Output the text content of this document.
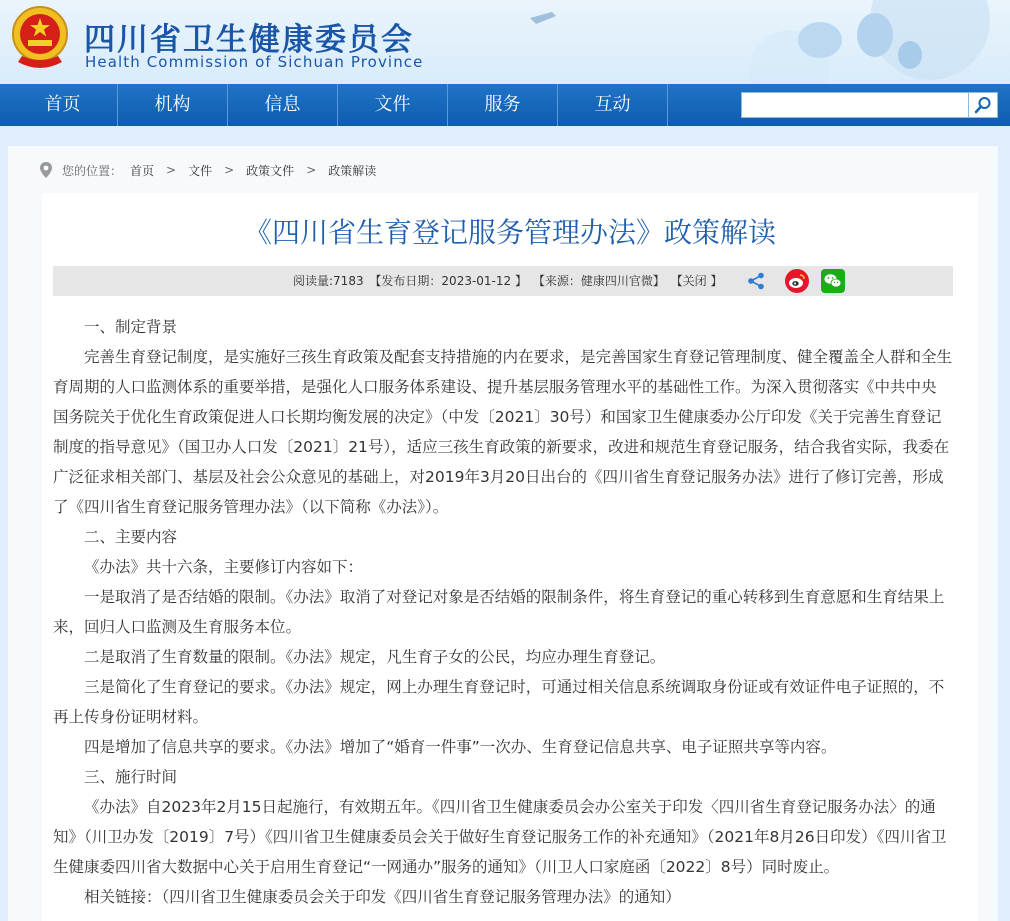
四川省卫生健康委员会
Health Commission of Sichuan Province
首页	机构	信息	文件	服务	互动
您的位置： 首页 > 文件 > 政策文件 > 政策解读
《四川省生育登记服务管理办法》政策解读
阅读量:7183 【发布日期：2023-01-12 】 【来源：健康四川官微】 【关闭 】

一、制定背景

完善生育登记制度，是实施好三孩生育政策及配套支持措施的内在要求，是完善国家生育登记管理制度、健全覆盖全人群和全生育周期的人口监测体系的重要举措，是强化人口服务体系建设、提升基层服务管理水平的基础性工作。为深入贯彻落实《中共中央 国务院关于优化生育政策促进人口长期均衡发展的决定》（中发〔2021〕30号）和国家卫生健康委办公厅印发《关于完善生育登记制度的指导意见》（国卫办人口发〔2021〕21号），适应三孩生育政策的新要求，改进和规范生育登记服务，结合我省实际，我委在广泛征求相关部门、基层及社会公众意见的基础上，对2019年3月20日出台的《四川省生育登记服务办法》进行了修订完善，形成了《四川省生育登记服务管理办法》（以下简称《办法》）。

二、主要内容

《办法》共十六条，主要修订内容如下：

一是取消了是否结婚的限制。《办法》取消了对登记对象是否结婚的限制条件，将生育登记的重心转移到生育意愿和生育结果上来，回归人口监测及生育服务本位。

二是取消了生育数量的限制。《办法》规定，凡生育子女的公民，均应办理生育登记。

三是简化了生育登记的要求。《办法》规定，网上办理生育登记时，可通过相关信息系统调取身份证或有效证件电子证照的，不再上传身份证明材料。

四是增加了信息共享的要求。《办法》增加了“婚育一件事”一次办、生育登记信息共享、电子证照共享等内容。

三、施行时间

《办法》自2023年2月15日起施行，有效期五年。《四川省卫生健康委员会办公室关于印发〈四川省生育登记服务办法〉的通知》（川卫办发〔2019〕7号）《四川省卫生健康委员会关于做好生育登记服务工作的补充通知》（2021年8月26日印发）《四川省卫生健康委四川省大数据中心关于启用生育登记“一网通办”服务的通知》（川卫人口家庭函〔2022〕8号）同时废止。

相关链接：（四川省卫生健康委员会关于印发《四川省生育登记服务管理办法》的通知）
